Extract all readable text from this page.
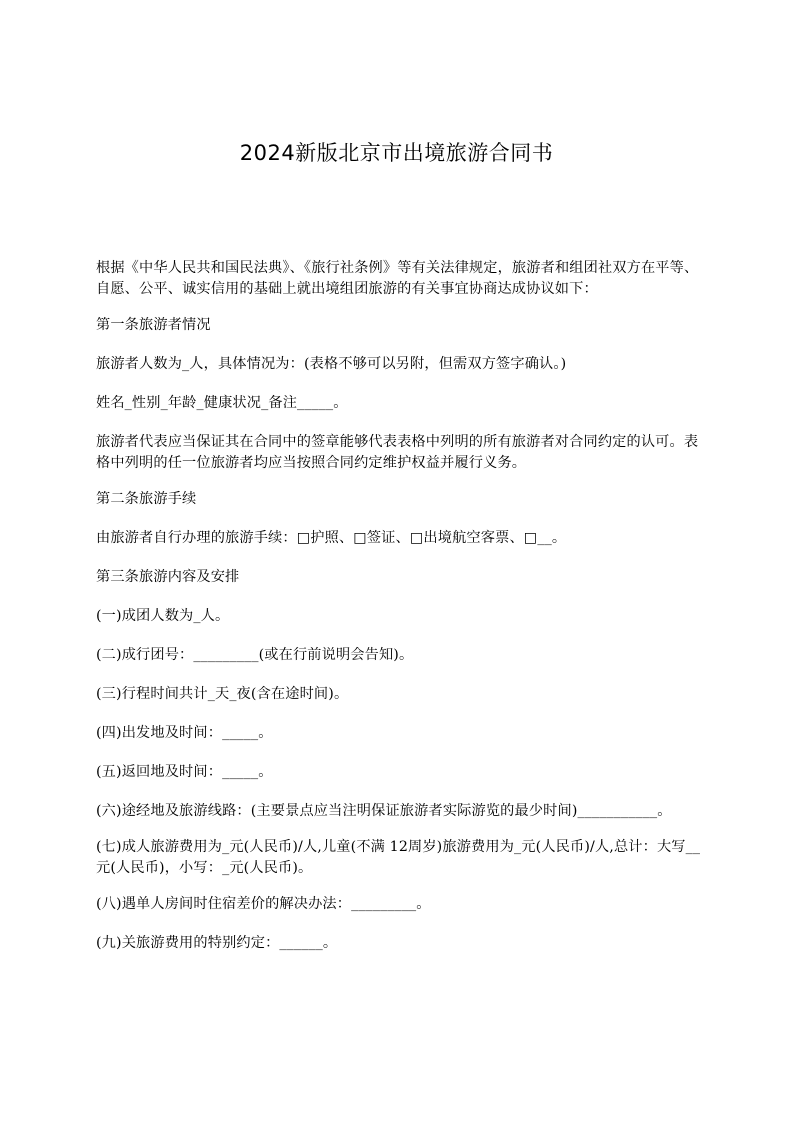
2024新版北京市出境旅游合同书

根据《中华人民共和国民法典》、《旅行社条例》等有关法律规定，旅游者和组团社双方在平等、自愿、公平、诚实信用的基础上就出境组团旅游的有关事宜协商达成协议如下：

第一条旅游者情况

旅游者人数为_人，具体情况为：(表格不够可以另附，但需双方签字确认。)

姓名_性别_年龄_健康状况_备注_____。

旅游者代表应当保证其在合同中的签章能够代表表格中列明的所有旅游者对合同约定的认可。表格中列明的任一位旅游者均应当按照合同约定维护权益并履行义务。

第二条旅游手续

由旅游者自行办理的旅游手续：□护照、□签证、□出境航空客票、□__。

第三条旅游内容及安排

(一)成团人数为_人。

(二)成行团号：_________(或在行前说明会告知)。

(三)行程时间共计_天_夜(含在途时间)。

(四)出发地及时间：_____。

(五)返回地及时间：_____。

(六)途经地及旅游线路：(主要景点应当注明保证旅游者实际游览的最少时间)___________。

(七)成人旅游费用为_元(人民币)/人,儿童(不满 12周岁)旅游费用为_元(人民币)/人,总计：大写__元(人民币)，小写：_元(人民币)。

(八)遇单人房间时住宿差价的解决办法：_________。

(九)关旅游费用的特别约定：______。
